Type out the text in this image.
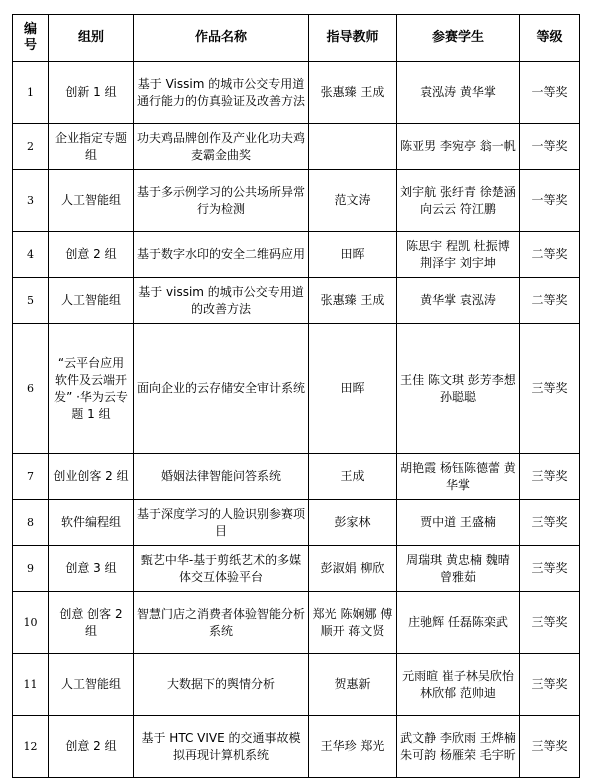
编号	组别	作品名称	指导教师	参赛学生	等级
1	创新 1 组	基于 Vissim 的城市公交专用道通行能力的仿真验证及改善方法	张惠臻 王成	袁泓涛 黄华掌	一等奖
2	企业指定专题组	功夫鸡品牌创作及产业化功夫鸡麦霸金曲奖		陈亚男 李宛亭 翁一帆	一等奖
3	人工智能组	基于多示例学习的公共场所异常行为检测	范文涛	刘宇航 张纡青 徐楚涵 向云云 符江鹏	一等奖
4	创意 2 组	基于数字水印的安全二维码应用	田晖	陈思宇 程凯 杜振博 荆泽宇 刘宇坤	二等奖
5	人工智能组	基于 vissim 的城市公交专用道的改善方法	张惠臻 王成	黄华掌 袁泓涛	二等奖
6	“云平台应用软件及云端开发” ·华为云专题 1 组	面向企业的云存储安全审计系统	田晖	王佳 陈文琪 彭芳李想 孙聪聪	三等奖
7	创业创客 2 组	婚姻法律智能问答系统	王成	胡艳霞 杨钰陈德蕾 黄华掌	三等奖
8	软件编程组	基于深度学习的人脸识别参赛项目	彭家林	贾中道 王盛楠	三等奖
9	创意 3 组	甄艺中华-基于剪纸艺术的多媒体交互体验平台	彭淑娟 柳欣	周瑞琪 黄忠楠 魏晴 曾雅茹	三等奖
10	创意 创客 2 组	智慧门店之消费者体验智能分析系统	郑光 陈娴娜 傅顺开 蒋文贤	庄驰辉 任磊陈栾武	三等奖
11	人工智能组	大数据下的舆情分析	贺惠新	元雨暄 崔子林吴欣怡 林欣郁 范帅迪	三等奖
12	创意 2 组	基于 HTC VIVE 的交通事故模拟再现计算机系统	王华珍 郑光	武文静 李欣雨 王烨楠 朱可韵 杨雁荣 毛宇昕	三等奖
